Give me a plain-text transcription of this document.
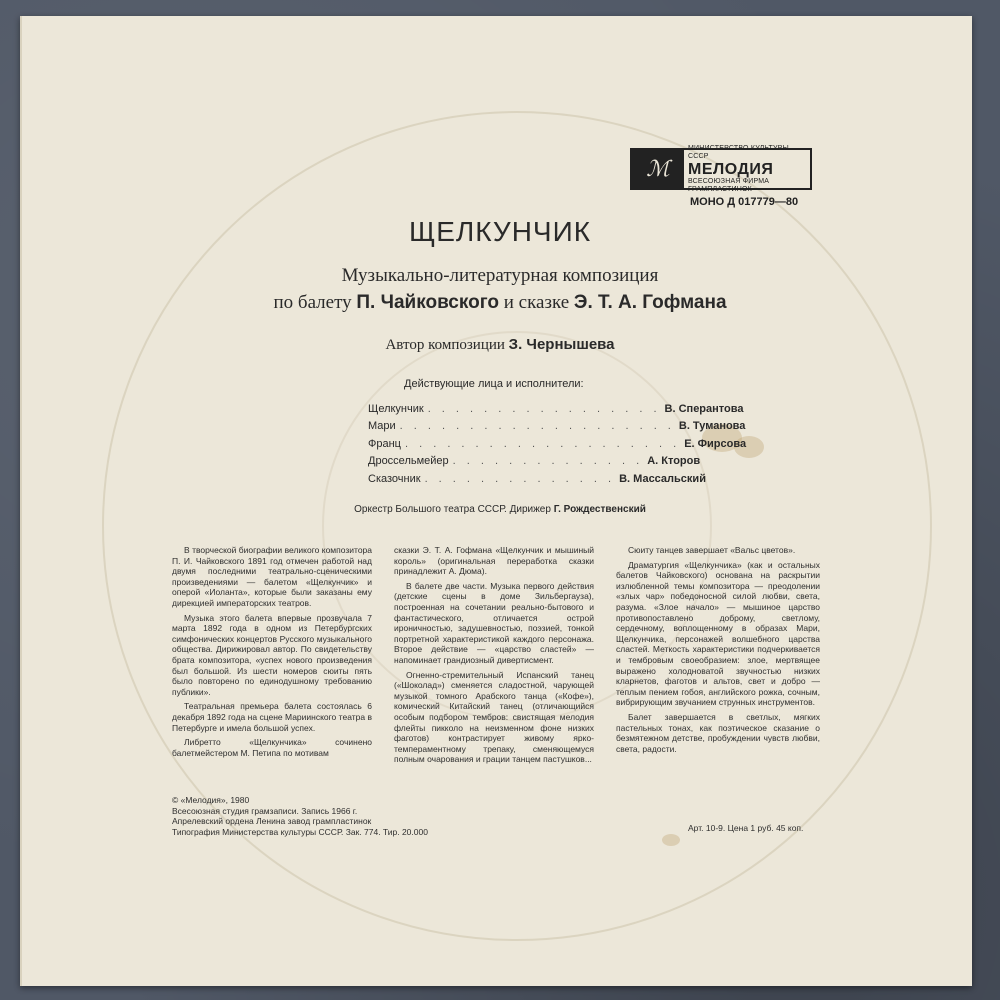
ℳ
МИНИСТЕРСТВО КУЛЬТУРЫ СССР
МЕЛОДИЯ
ВСЕСОЮЗНАЯ ФИРМА ГРАМПЛАСТИНОК
МОНО Д 017779—80
ЩЕЛКУНЧИК
Музыкально-литературная композиция
по балету П. Чайковского и сказке Э. Т. А. Гофмана
Автор композиции З. Чернышева
Действующие лица и исполнители:
Щелкунчик . . . . . . . . . . . . . . . . . В. Сперантова
Мари . . . . . . . . . . . . . . . . . . . . В. Туманова
Франц . . . . . . . . . . . . . . . . . . . . Е. Фирсова
Дроссельмейер . . . . . . . . . . . . . . А. Кторов
Сказочник . . . . . . . . . . . . . . В. Массальский
Оркестр Большого театра СССР. Дирижер Г. Рождественский

В творческой биографии великого композитора П. И. Чайковского 1891 год отмечен работой над двумя последними театрально-сценическими произведениями — балетом «Щелкунчик» и оперой «Иоланта», которые были заказаны ему дирекцией императорских театров.

Музыка этого балета впервые прозвучала 7 марта 1892 года в одном из Петербургских симфонических концертов Русского музыкального общества. Дирижировал автор. По свидетельству брата композитора, «успех нового произведения был большой. Из шести номеров сюиты пять было повторено по единодушному требованию публики».

Театральная премьера балета состоялась 6 декабря 1892 года на сцене Мариинского театра в Петербурге и имела большой успех.

Либретто «Щелкунчика» сочинено балетмейстером М. Петипа по мотивам

сказки Э. Т. А. Гофмана «Щелкунчик и мышиный король» (оригинальная переработка сказки принадлежит А. Дюма).

В балете две части. Музыка первого действия (детские сцены в доме Зильбергауза), построенная на сочетании реально-бытового и фантастического, отличается острой ироничностью, задушевностью, поэзией, тонкой портретной характеристикой каждого персонажа. Второе действие — «царство сластей» — напоминает грандиозный дивертисмент.

Огненно-стремительный Испанский танец («Шоколад») сменяется сладостной, чарующей музыкой томного Арабского танца («Кофе»), комический Китайский танец (отличающийся особым подбором тембров: свистящая мелодия флейты пикколо на неизменном фоне низких фаготов) контрастирует живому ярко-темпераментному трепаку, сменяющемуся полным очарования и грации танцем пастушков...

Сюиту танцев завершает «Вальс цветов».

Драматургия «Щелкунчика» (как и остальных балетов Чайковского) основана на раскрытии излюбленной темы композитора — преодолении «злых чар» победоносной силой любви, света, разума. «Злое начало» — мышиное царство противопоставлено доброму, светлому, сердечному, воплощенному в образах Мари, Щелкунчика, персонажей волшебного царства сластей. Меткость характеристики подчеркивается и тембровым своеобразием: злое, мертвящее выражено холодноватой звучностью низких кларнетов, фаготов и альтов, свет и добро — теплым пением гобоя, английского рожка, сочным, вибрирующим звучанием струнных инструментов.

Балет завершается в светлых, мягких пастельных тонах, как поэтическое сказание о безмятежном детстве, пробуждении чувств любви, света, радости.

© «Мелодия», 1980
Всесоюзная студия грамзаписи. Запись 1966 г.
Апрелевский ордена Ленина завод грампластинок
Типография Министерства культуры СССР. Зак. 774. Тир. 20.000	Арт. 10-9. Цена 1 руб. 45 коп.
